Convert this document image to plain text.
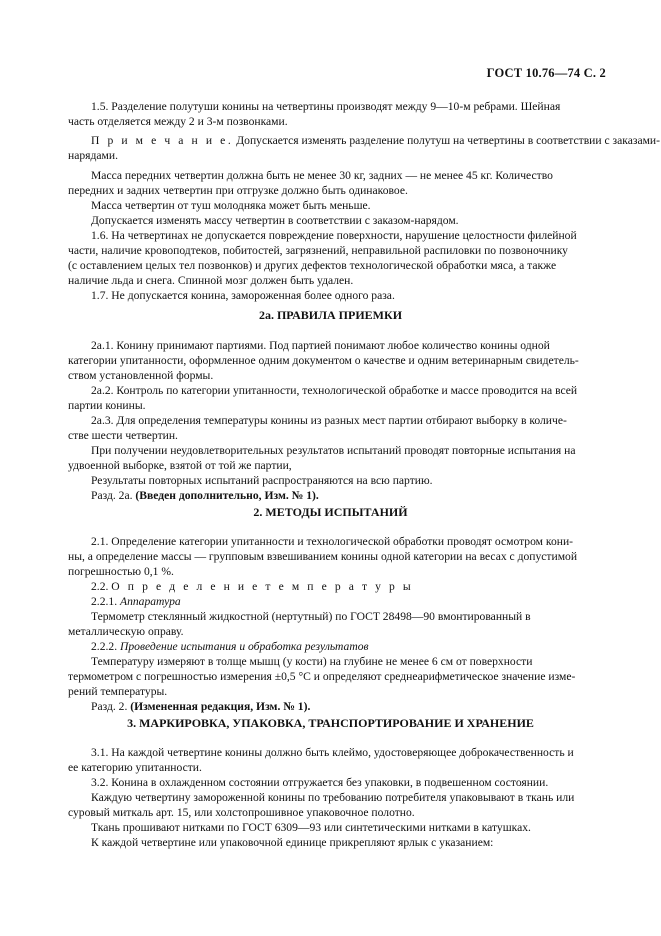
ГОСТ 10.76—74 С. 2
1.5. Разделение полутуши конины на четвертины производят между 9—10-м ребрами. Шейная
часть отделяется между 2 и 3-м позвонками.
П р и м е ч а н и е. Допускается изменять разделение полутуш на четвертины в соответствии с заказами-
нарядами.
Масса передних четвертин должна быть не менее 30 кг, задних — не менее 45 кг. Количество
передних и задних четвертин при отгрузке должно быть одинаковое.
Масса четвертин от туш молодняка может быть меньше.
Допускается изменять массу четвертин в соответствии с заказом-нарядом.
1.6. На четвертинах не допускается повреждение поверхности, нарушение целостности филейной
части, наличие кровоподтеков, побитостей, загрязнений, неправильной распиловки по позвоночнику
(с оставлением целых тел позвонков) и других дефектов технологической обработки мяса, а также
наличие льда и снега. Спинной мозг должен быть удален.
1.7. Не допускается конина, замороженная более одного раза.
2а. ПРАВИЛА ПРИЕМКИ
2а.1. Конину принимают партиями. Под партией понимают любое количество конины одной
категории упитанности, оформленное одним документом о качестве и одним ветеринарным свидетель-
ством установленной формы.
2а.2. Контроль по категории упитанности, технологической обработке и массе проводится на всей
партии конины.
2а.3. Для определения температуры конины из разных мест партии отбирают выборку в количе-
стве шести четвертин.
При получении неудовлетворительных результатов испытаний проводят повторные испытания на
удвоенной выборке, взятой от той же партии,
Результаты повторных испытаний распространяются на всю партию.
Разд. 2а. (Введен дополнительно, Изм. № 1).
2. МЕТОДЫ ИСПЫТАНИЙ
2.1. Определение категории упитанности и технологической обработки проводят осмотром кони-
ны, а определение массы — групповым взвешиванием конины одной категории на весах с допустимой
погрешностью 0,1 %.
2.2. О п р е д е л е н и е т е м п е р а т у р ы
2.2.1. Аппаратура
Термометр стеклянный жидкостной (нертутный) по ГОСТ 28498—90 вмонтированный в
металлическую оправу.
2.2.2. Проведение испытания и обработка результатов
Температуру измеряют в толще мышц (у кости) на глубине не менее 6 см от поверхности
термометром с погрешностью измерения ±0,5 °С и определяют среднеарифметическое значение изме-
рений температуры.
Разд. 2. (Измененная редакция, Изм. № 1).
3. МАРКИРОВКА, УПАКОВКА, ТРАНСПОРТИРОВАНИЕ И ХРАНЕНИЕ
3.1. На каждой четвертине конины должно быть клеймо, удостоверяющее доброкачественность и
ее категорию упитанности.
3.2. Конина в охлажденном состоянии отгружается без упаковки, в подвешенном состоянии.
Каждую четвертину замороженной конины по требованию потребителя упаковывают в ткань или
суровый миткаль арт. 15, или холстопрошивное упаковочное полотно.
Ткань прошивают нитками по ГОСТ 6309—93 или синтетическими нитками в катушках.
К каждой четвертине или упаковочной единице прикрепляют ярлык с указанием:
